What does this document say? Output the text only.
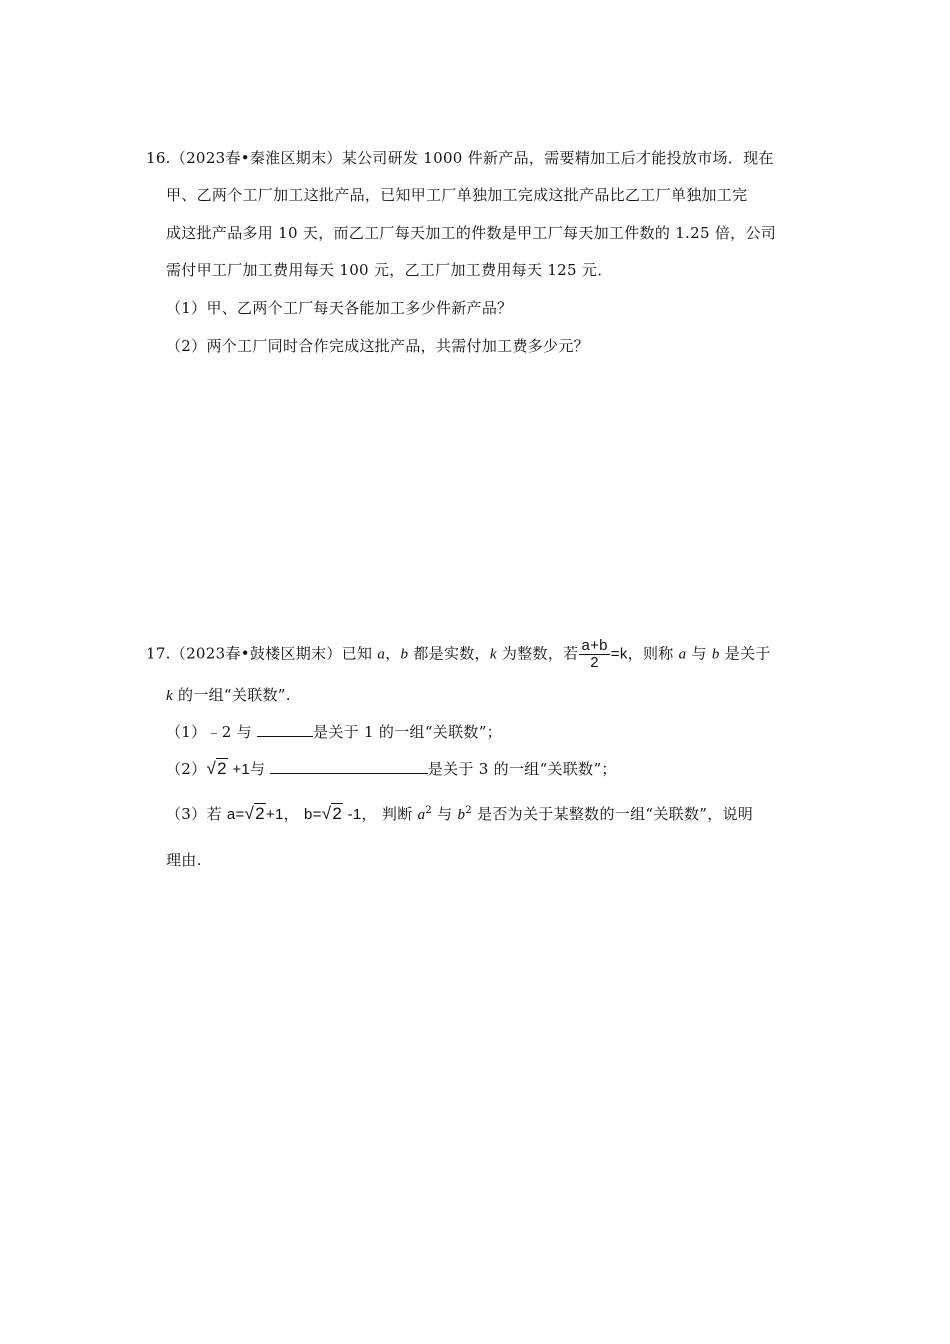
16.（2023春•秦淮区期末）某公司研发 1000 件新产品，需要精加工后才能投放市场．现在
甲、乙两个工厂加工这批产品，已知甲工厂单独加工完成这批产品比乙工厂单独加工完
成这批产品多用 10 天，而乙工厂每天加工的件数是甲工厂每天加工件数的 1.25 倍，公司
需付甲工厂加工费用每天 100 元，乙工厂加工费用每天 125 元．
（1）甲、乙两个工厂每天各能加工多少件新产品？
（2）两个工厂同时合作完成这批产品，共需付加工费多少元？
17.（2023春•鼓楼区期末）已知 a，b 都是实数，k 为整数，若 $\frac{a+b}{2} =k$，则称 a 与 b 是关于
k 的一组“关联数”.
（1）﹣2 与	是关于 1 的一组“关联数”；
（2）√2 +1与	是关于 3 的一组“关联数”；
（3）若 a=√2+1， b=√2 -1， 判断 $a^2$ 与 $b^2$ 是否为关于某整数的一组“关联数”，说明
理由.
